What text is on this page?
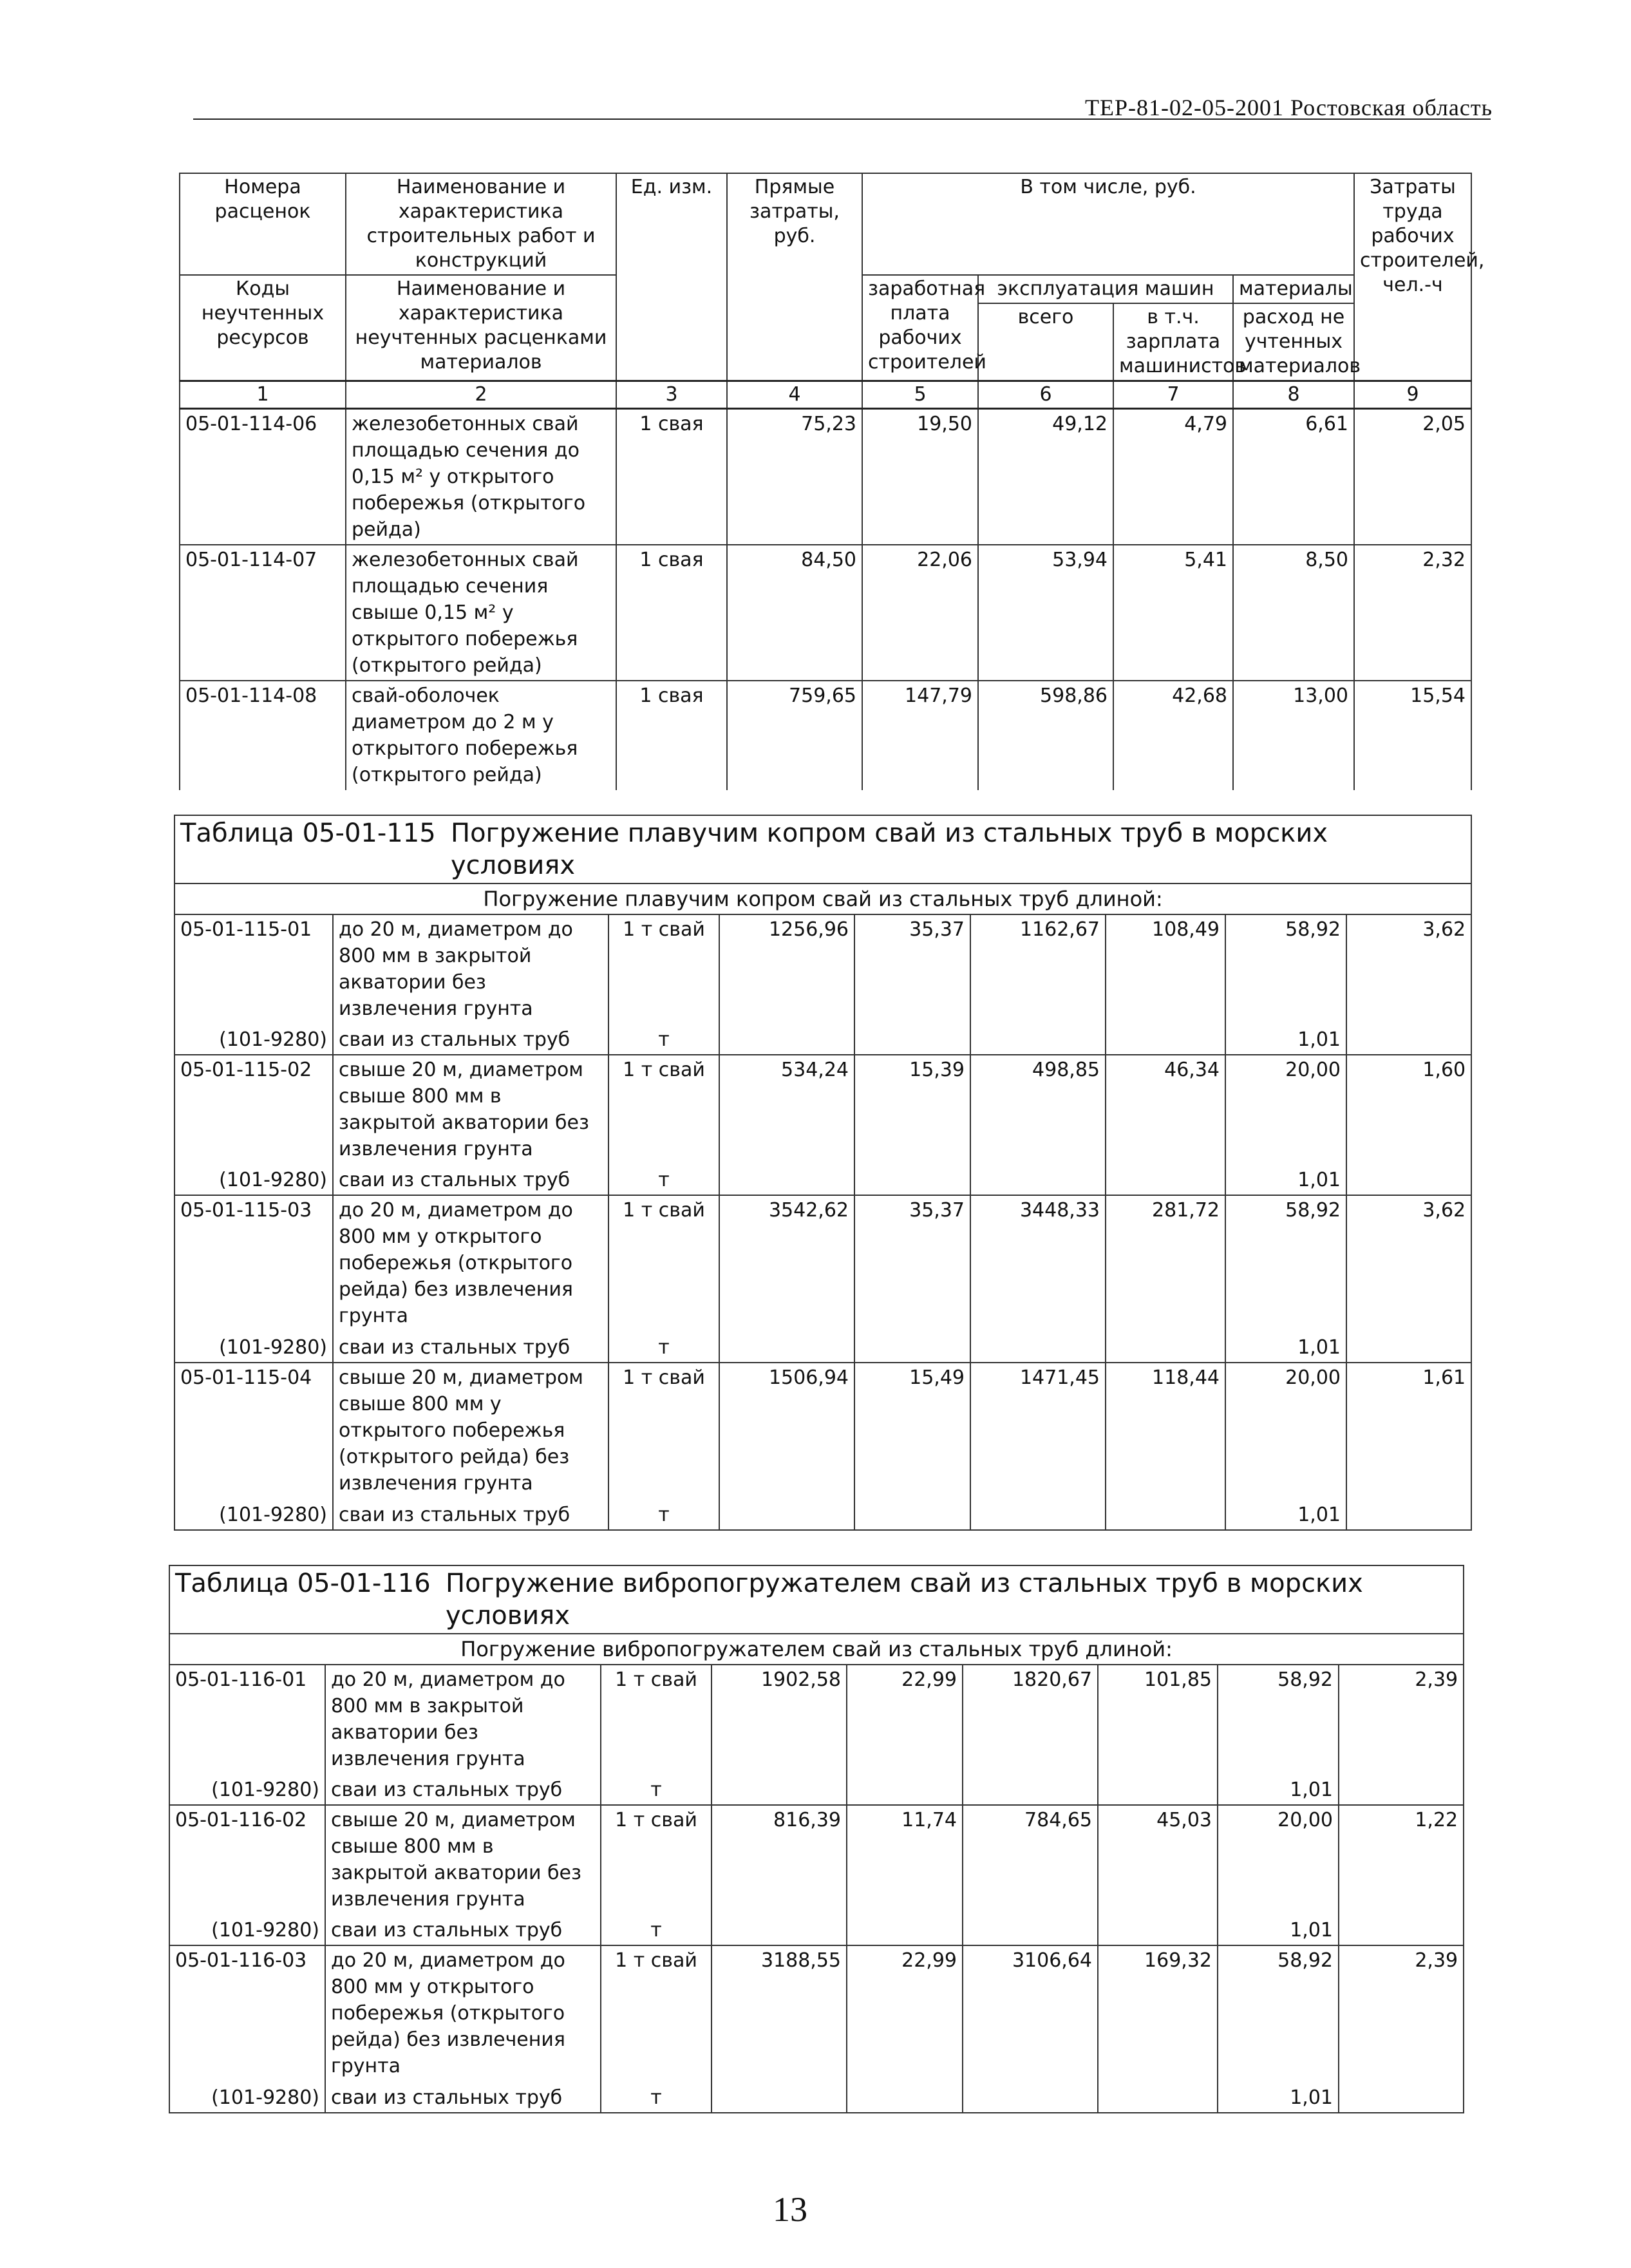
ТЕР-81-02-05-2001 Ростовская область
Номера расценок	Наименование и характеристика строительных работ и конструкций	Ед. изм.	Прямые затраты, руб.	В том числе, руб.				Затраты труда рабочих строителей, чел.-ч
Коды неучтенных ресурсов	Наименование и характеристика неучтенных расценками материалов			заработная плата рабочих строителей	эксплуатация машин		материалы	
					всего	в т.ч. зарплата машинистов	расход не учтенных материалов	
1	2	3	4	5	6	7	8	9
05-01-114-06	железобетонных свай площадью сечения до 0,15 м² у открытого побережья (открытого рейда)	1 свая	75,23	19,50	49,12	4,79	6,61	2,05
05-01-114-07	железобетонных свай площадью сечения свыше 0,15 м² у открытого побережья (открытого рейда)	1 свая	84,50	22,06	53,94	5,41	8,50	2,32
05-01-114-08	свай-оболочек диаметром до 2 м у открытого побережья (открытого рейда)	1 свая	759,65	147,79	598,86	42,68	13,00	15,54
Таблица 05-01-115 Погружение плавучим копром свай из стальных труб в морских условиях								
Погружение плавучим копром свай из стальных труб длиной:								
05-01-115-01	до 20 м, диаметром до 800 мм в закрытой акватории без извлечения грунта	1 т свай	1256,96	35,37	1162,67	108,49	58,92	3,62
(101-9280)	сваи из стальных труб	т					1,01	
05-01-115-02	свыше 20 м, диаметром свыше 800 мм в закрытой акватории без извлечения грунта	1 т свай	534,24	15,39	498,85	46,34	20,00	1,60
(101-9280)	сваи из стальных труб	т					1,01	
05-01-115-03	до 20 м, диаметром до 800 мм у открытого побережья (открытого рейда) без извлечения грунта	1 т свай	3542,62	35,37	3448,33	281,72	58,92	3,62
(101-9280)	сваи из стальных труб	т					1,01	
05-01-115-04	свыше 20 м, диаметром свыше 800 мм у открытого побережья (открытого рейда) без извлечения грунта	1 т свай	1506,94	15,49	1471,45	118,44	20,00	1,61
(101-9280)	сваи из стальных труб	т					1,01	
Таблица 05-01-116 Погружение вибропогружателем свай из стальных труб в морских условиях								
Погружение вибропогружателем свай из стальных труб длиной:								
05-01-116-01	до 20 м, диаметром до 800 мм в закрытой акватории без извлечения грунта	1 т свай	1902,58	22,99	1820,67	101,85	58,92	2,39
(101-9280)	сваи из стальных труб	т					1,01	
05-01-116-02	свыше 20 м, диаметром свыше 800 мм в закрытой акватории без извлечения грунта	1 т свай	816,39	11,74	784,65	45,03	20,00	1,22
(101-9280)	сваи из стальных труб	т					1,01	
05-01-116-03	до 20 м, диаметром до 800 мм у открытого побережья (открытого рейда) без извлечения грунта	1 т свай	3188,55	22,99	3106,64	169,32	58,92	2,39
(101-9280)	сваи из стальных труб	т					1,01	
13
